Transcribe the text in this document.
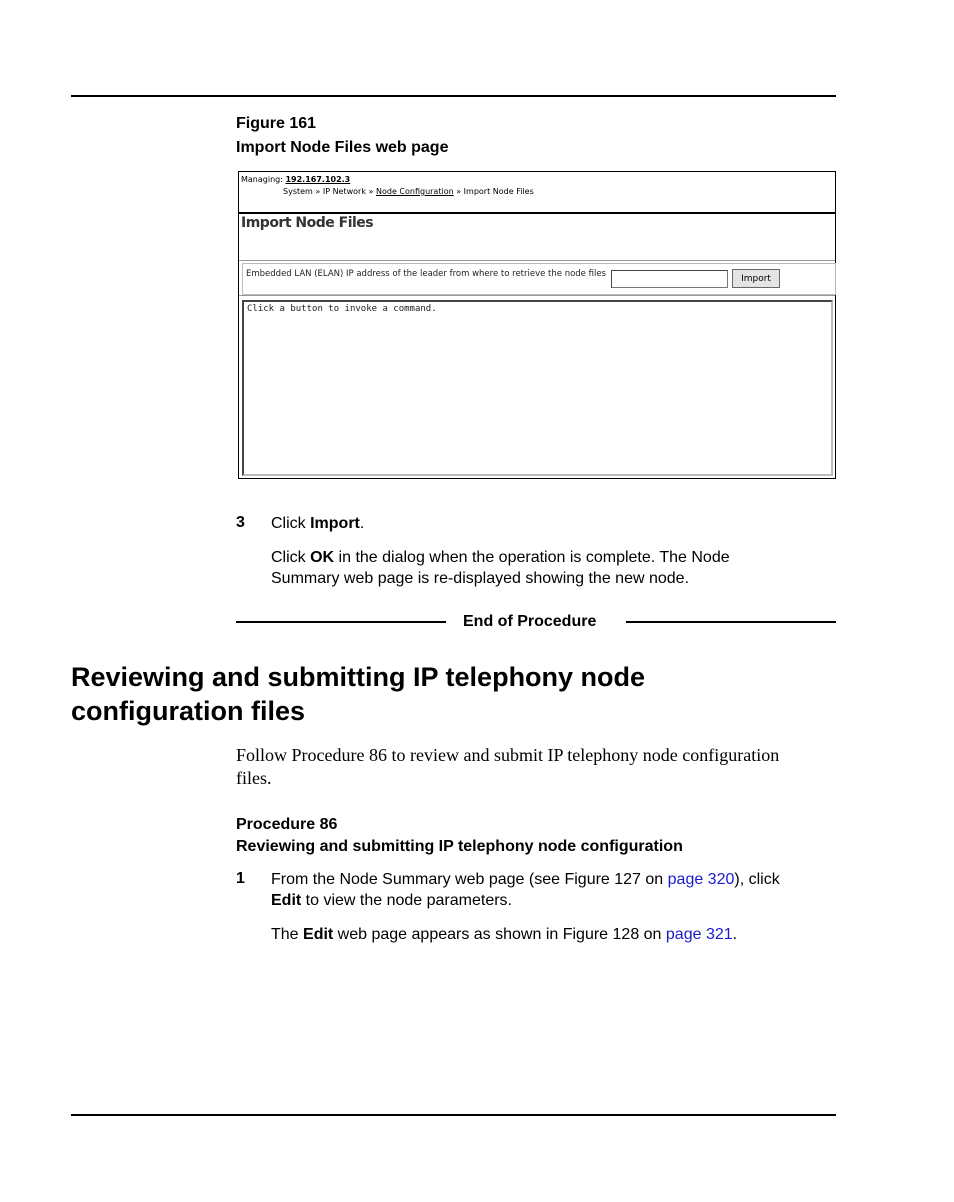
Figure 161
Import Node Files web page
Managing: 192.167.102.3
System » IP Network » Node Configuration » Import Node Files
Import Node Files
Embedded LAN (ELAN) IP address of the leader from where to retrieve the node files	Import
Click a button to invoke a command.
3 Click Import.
Click OK in the dialog when the operation is complete. The Node
Summary web page is re-displayed showing the new node.
End of Procedure
Reviewing and submitting IP telephony node
configuration files
Follow Procedure 86 to review and submit IP telephony node configuration
files.
Procedure 86
Reviewing and submitting IP telephony node configuration
1 From the Node Summary web page (see Figure 127 on page 320), click
Edit to view the node parameters.
The Edit web page appears as shown in Figure 128 on page 321.
